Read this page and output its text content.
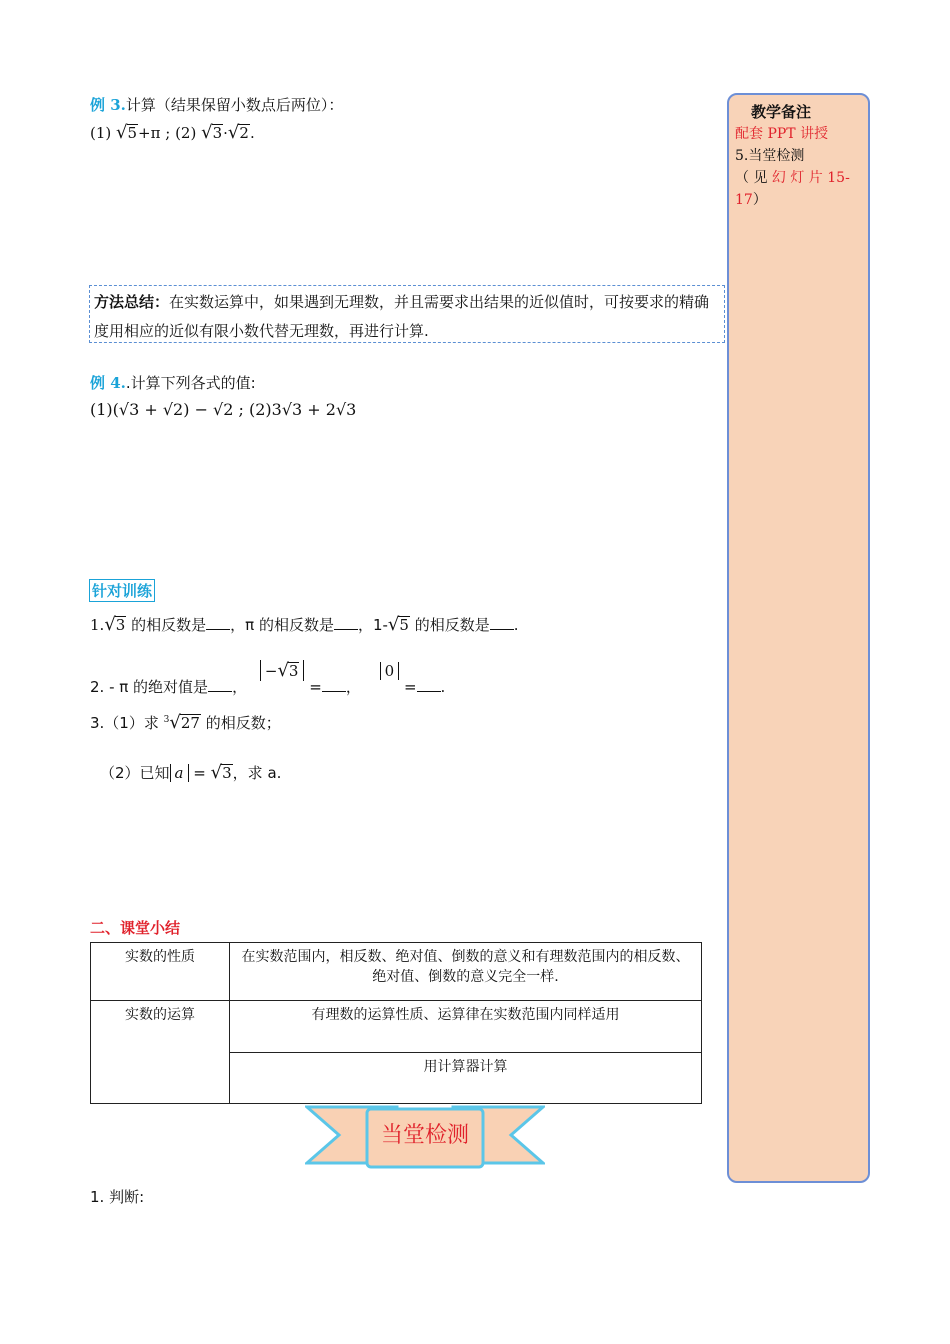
例 3.计算（结果保留小数点后两位）：
(1) √5+π ; (2) √3·√2.
方法总结：在实数运算中，如果遇到无理数，并且需要求出结果的近似值时，可按要求的精确度用相应的近似有限小数代替无理数，再进行计算.
例 4..计算下列各式的值:
(1)(√3 + √2) − √2 ; (2)3√3 + 2√3
针对训练
1.√3 的相反数是 ，π 的相反数是 ，1-√5 的相反数是 .
2. - π 的绝对值是 ， −√3 = ， 0 = .
3.（1）求 $^3$√27 的相反数；
（2）已知 a = √3，求 a.
二、课堂小结
实数的性质	在实数范围内，相反数、绝对值、倒数的意义和有理数范围内的相反数、绝对值、倒数的意义完全一样.
实数的运算	有理数的运算性质、运算律在实数范围内同样适用
	用计算器计算
当堂检测
1. 判断:
教学备注
配套 PPT 讲授
5.当堂检测
（ 见 幻 灯 片 15-
17）
